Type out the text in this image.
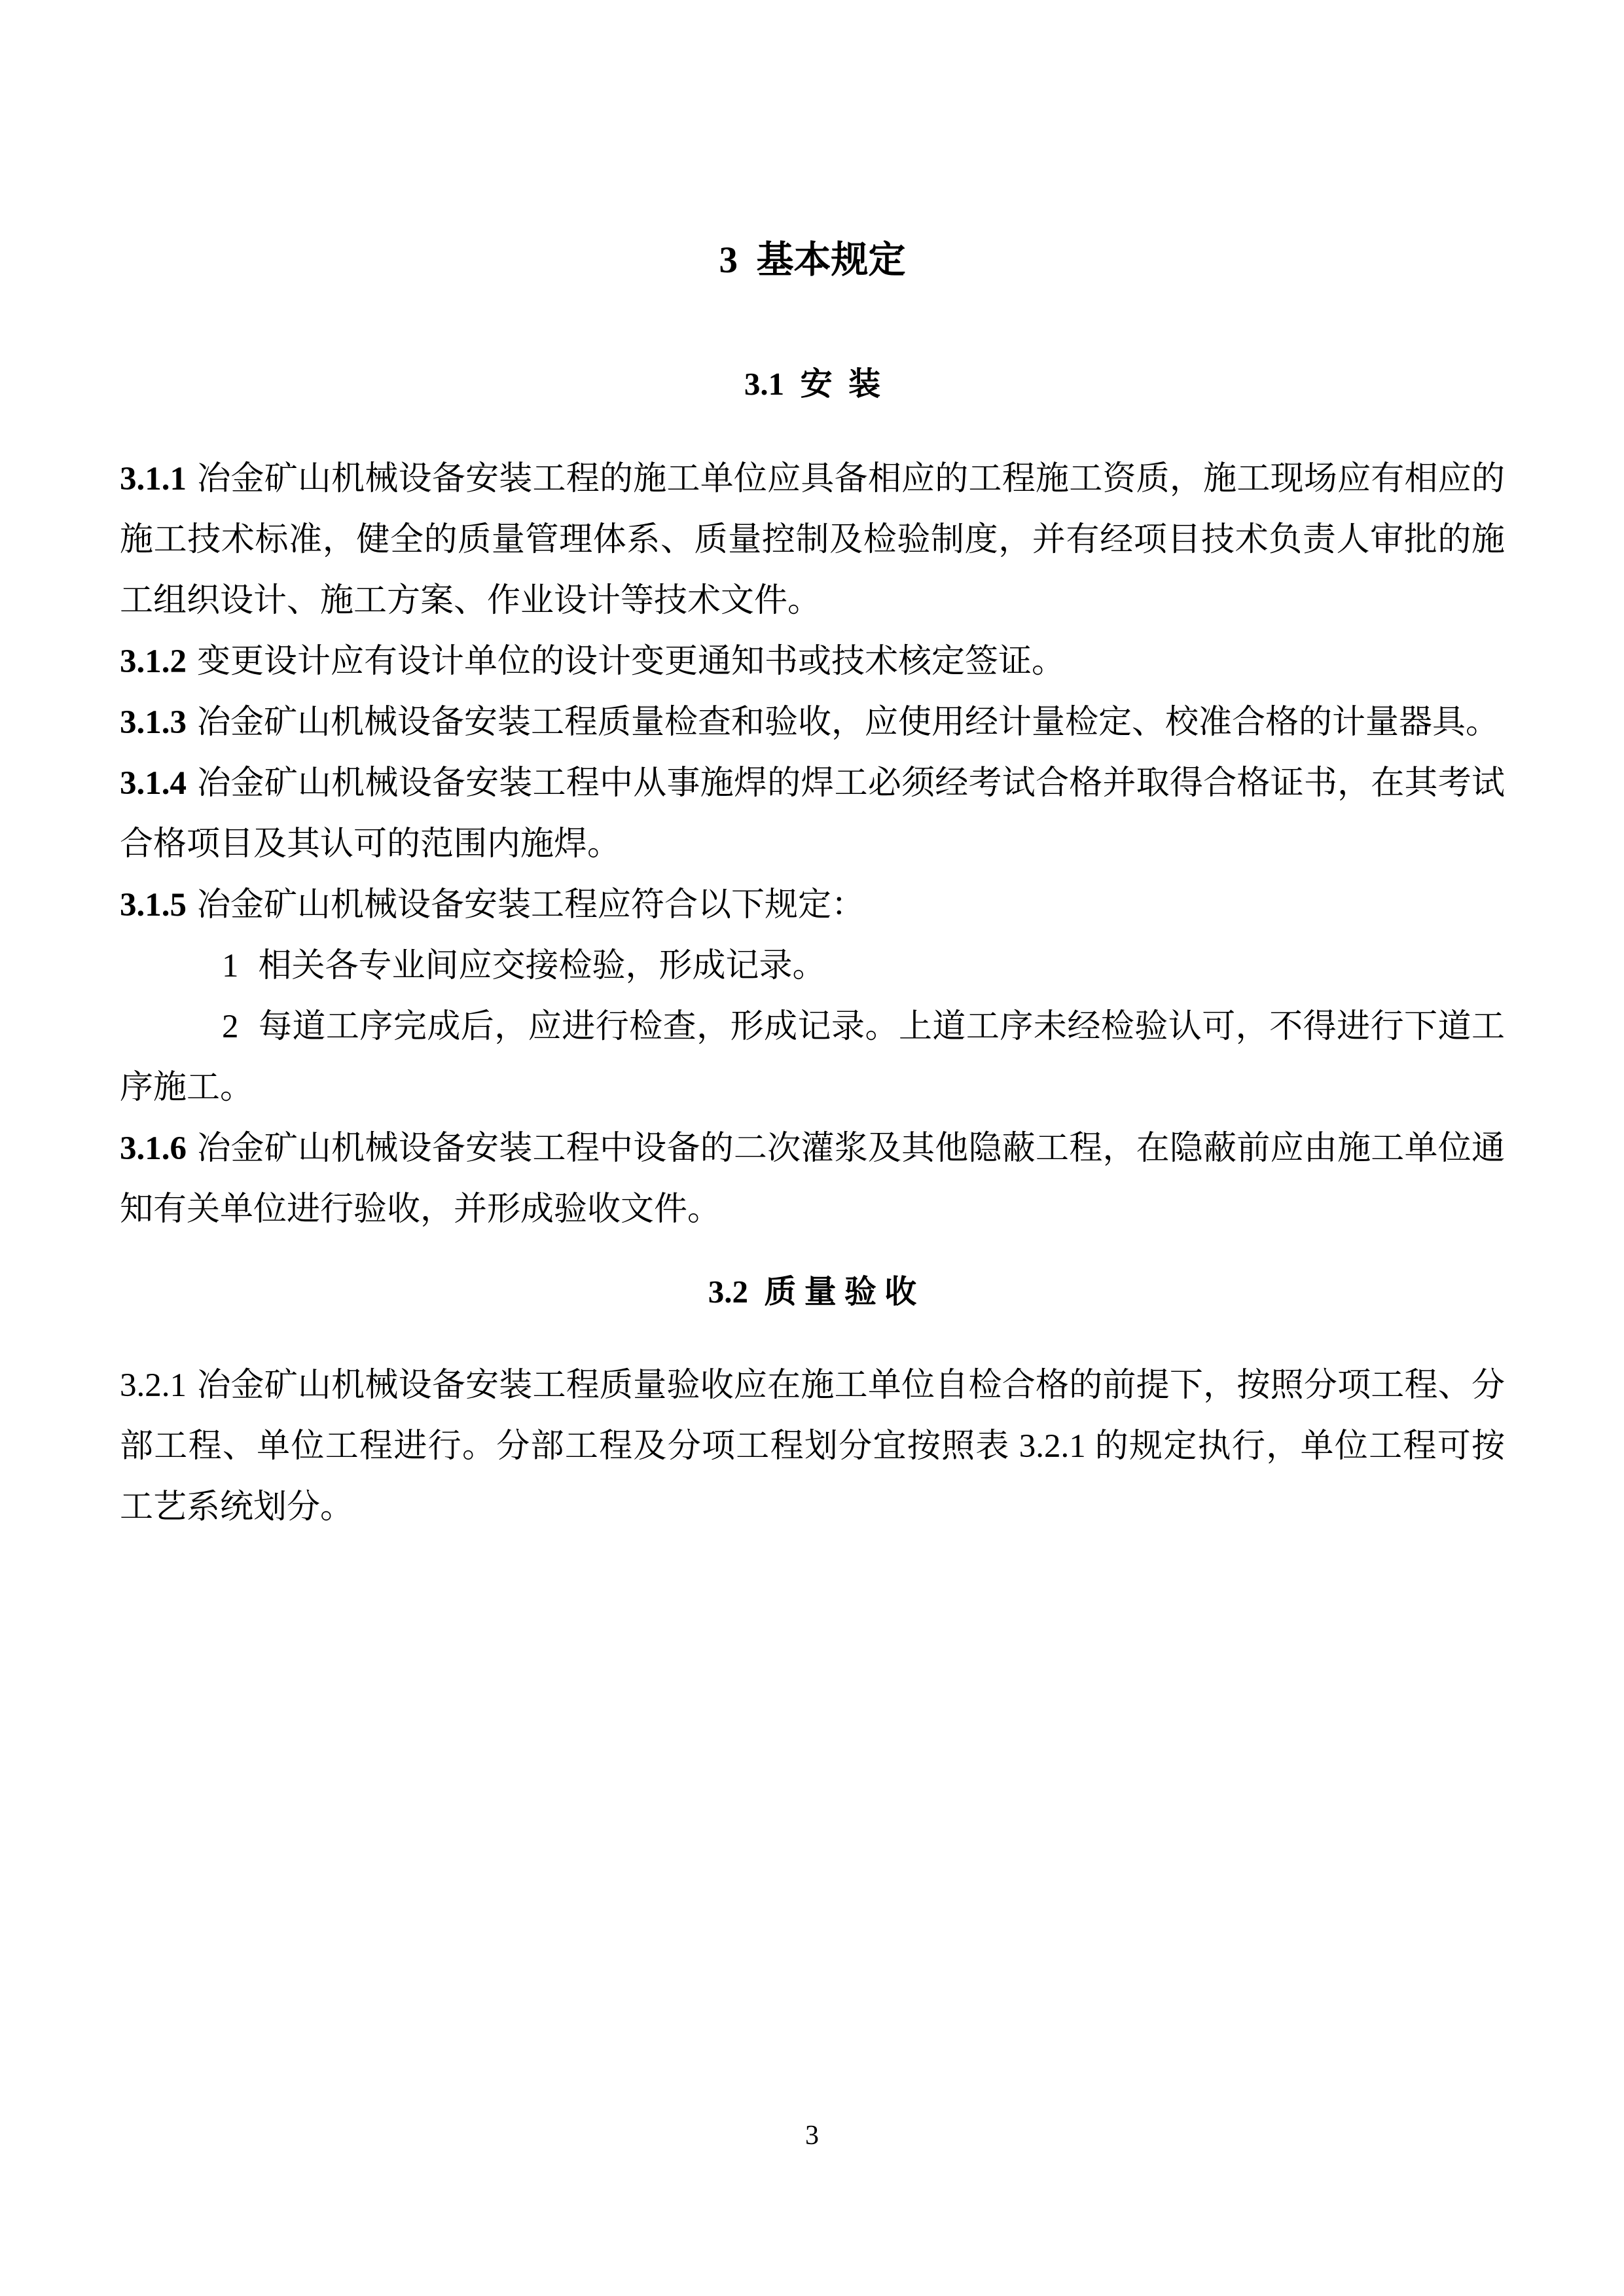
3  基本规定
3.1  安  装

3.1.1 冶金矿山机械设备安装工程的施工单位应具备相应的工程施工资质，施工现场应有相应的施工技术标准，健全的质量管理体系、质量控制及检验制度，并有经项目技术负责人审批的施工组织设计、施工方案、作业设计等技术文件。

3.1.2 变更设计应有设计单位的设计变更通知书或技术核定签证。

3.1.3 冶金矿山机械设备安装工程质量检查和验收，应使用经计量检定、校准合格的计量器具。

3.1.4 冶金矿山机械设备安装工程中从事施焊的焊工必须经考试合格并取得合格证书，在其考试合格项目及其认可的范围内施焊。

3.1.5 冶金矿山机械设备安装工程应符合以下规定：

1 相关各专业间应交接检验，形成记录。

2 每道工序完成后，应进行检查，形成记录。上道工序未经检验认可，不得进行下道工序施工。

3.1.6 冶金矿山机械设备安装工程中设备的二次灌浆及其他隐蔽工程，在隐蔽前应由施工单位通知有关单位进行验收，并形成验收文件。

3.2  质 量 验 收

3.2.1 冶金矿山机械设备安装工程质量验收应在施工单位自检合格的前提下，按照分项工程、分部工程、单位工程进行。分部工程及分项工程划分宜按照表 3.2.1 的规定执行，单位工程可按工艺系统划分。

3
